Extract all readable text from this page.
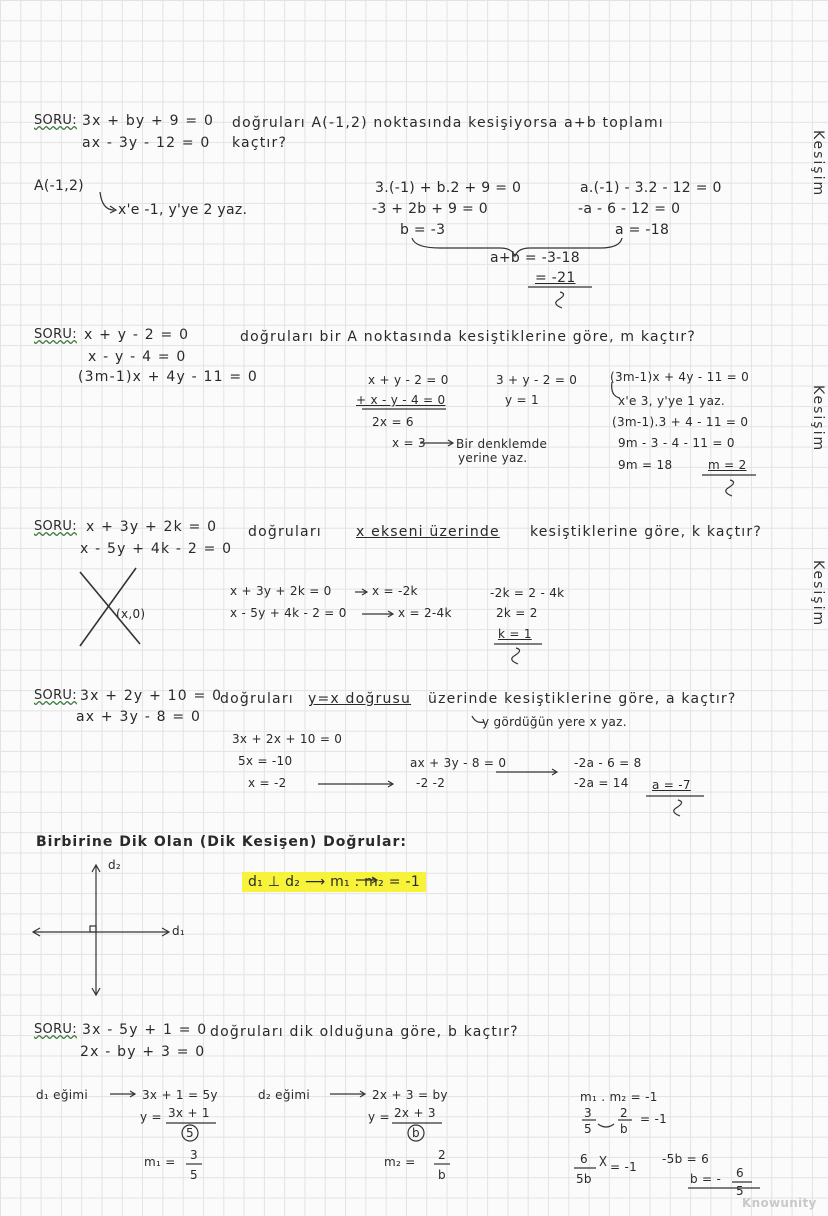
Kesişim
Kesişim
Kesişim
SORU: 3x + by + 9 = 0
ax - 3y - 12 = 0
doğruları A(-1,2) noktasında kesişiyorsa a+b toplamı
kaçtır?
A(-1,2)
x'e -1, y'ye 2 yaz.
3.(-1) + b.2 + 9 = 0
-3 + 2b + 9 = 0
b = -3
a.(-1) - 3.2 - 12 = 0
-a - 6 - 12 = 0
a = -18
a+b = -3-18
= -21
SORU: x + y - 2 = 0
x - y - 4 = 0
(3m-1)x + 4y - 11 = 0
doğruları bir A noktasında kesiştiklerine göre, m kaçtır?
x + y - 2 = 0
+ x - y - 4 = 0
2x = 6
x = 3	Bir denklemde
yerine yaz.
3 + y - 2 = 0
y = 1
(3m-1)x + 4y - 11 = 0
x'e 3, y'ye 1 yaz.
(3m-1).3 + 4 - 11 = 0
9m - 3 - 4 - 11 = 0
9m = 18	m = 2
SORU: x + 3y + 2k = 0
x - 5y + 4k - 2 = 0
doğruları x ekseni üzerinde kesiştiklerine göre, k kaçtır?
(x,0)
x + 3y + 2k = 0	x = -2k
x - 5y + 4k - 2 = 0	x = 2-4k
-2k = 2 - 4k
2k = 2
k = 1
SORU: 3x + 2y + 10 = 0
ax + 3y - 8 = 0
doğruları y=x doğrusu üzerinde kesiştiklerine göre, a kaçtır?
y gördüğün yere x yaz.
3x + 2x + 10 = 0
5x = -10
x = -2
ax + 3y - 8 = 0
-2 -2
-2a - 6 = 8
-2a = 14 a = -7
Birbirine Dik Olan (Dik Kesişen) Doğrular:
d₁ ⊥ d₂ ⟶ m₁ . m₂ = -1
d₂
d₁
SORU: 3x - 5y + 1 = 0
2x - by + 3 = 0
doğruları dik olduğuna göre, b kaçtır?
d₁ eğimi	3x + 1 = 5y
y = 3x + 1
5
m₁ = 3
5
d₂ eğimi	2x + 3 = by
y = 2x + 3
b
m₂ = 2
b
m₁ . m₂ = -1
3
5
2
b
= -1
6
5b
= -1
-5b = 6
b = - 6
5
Knowunity
